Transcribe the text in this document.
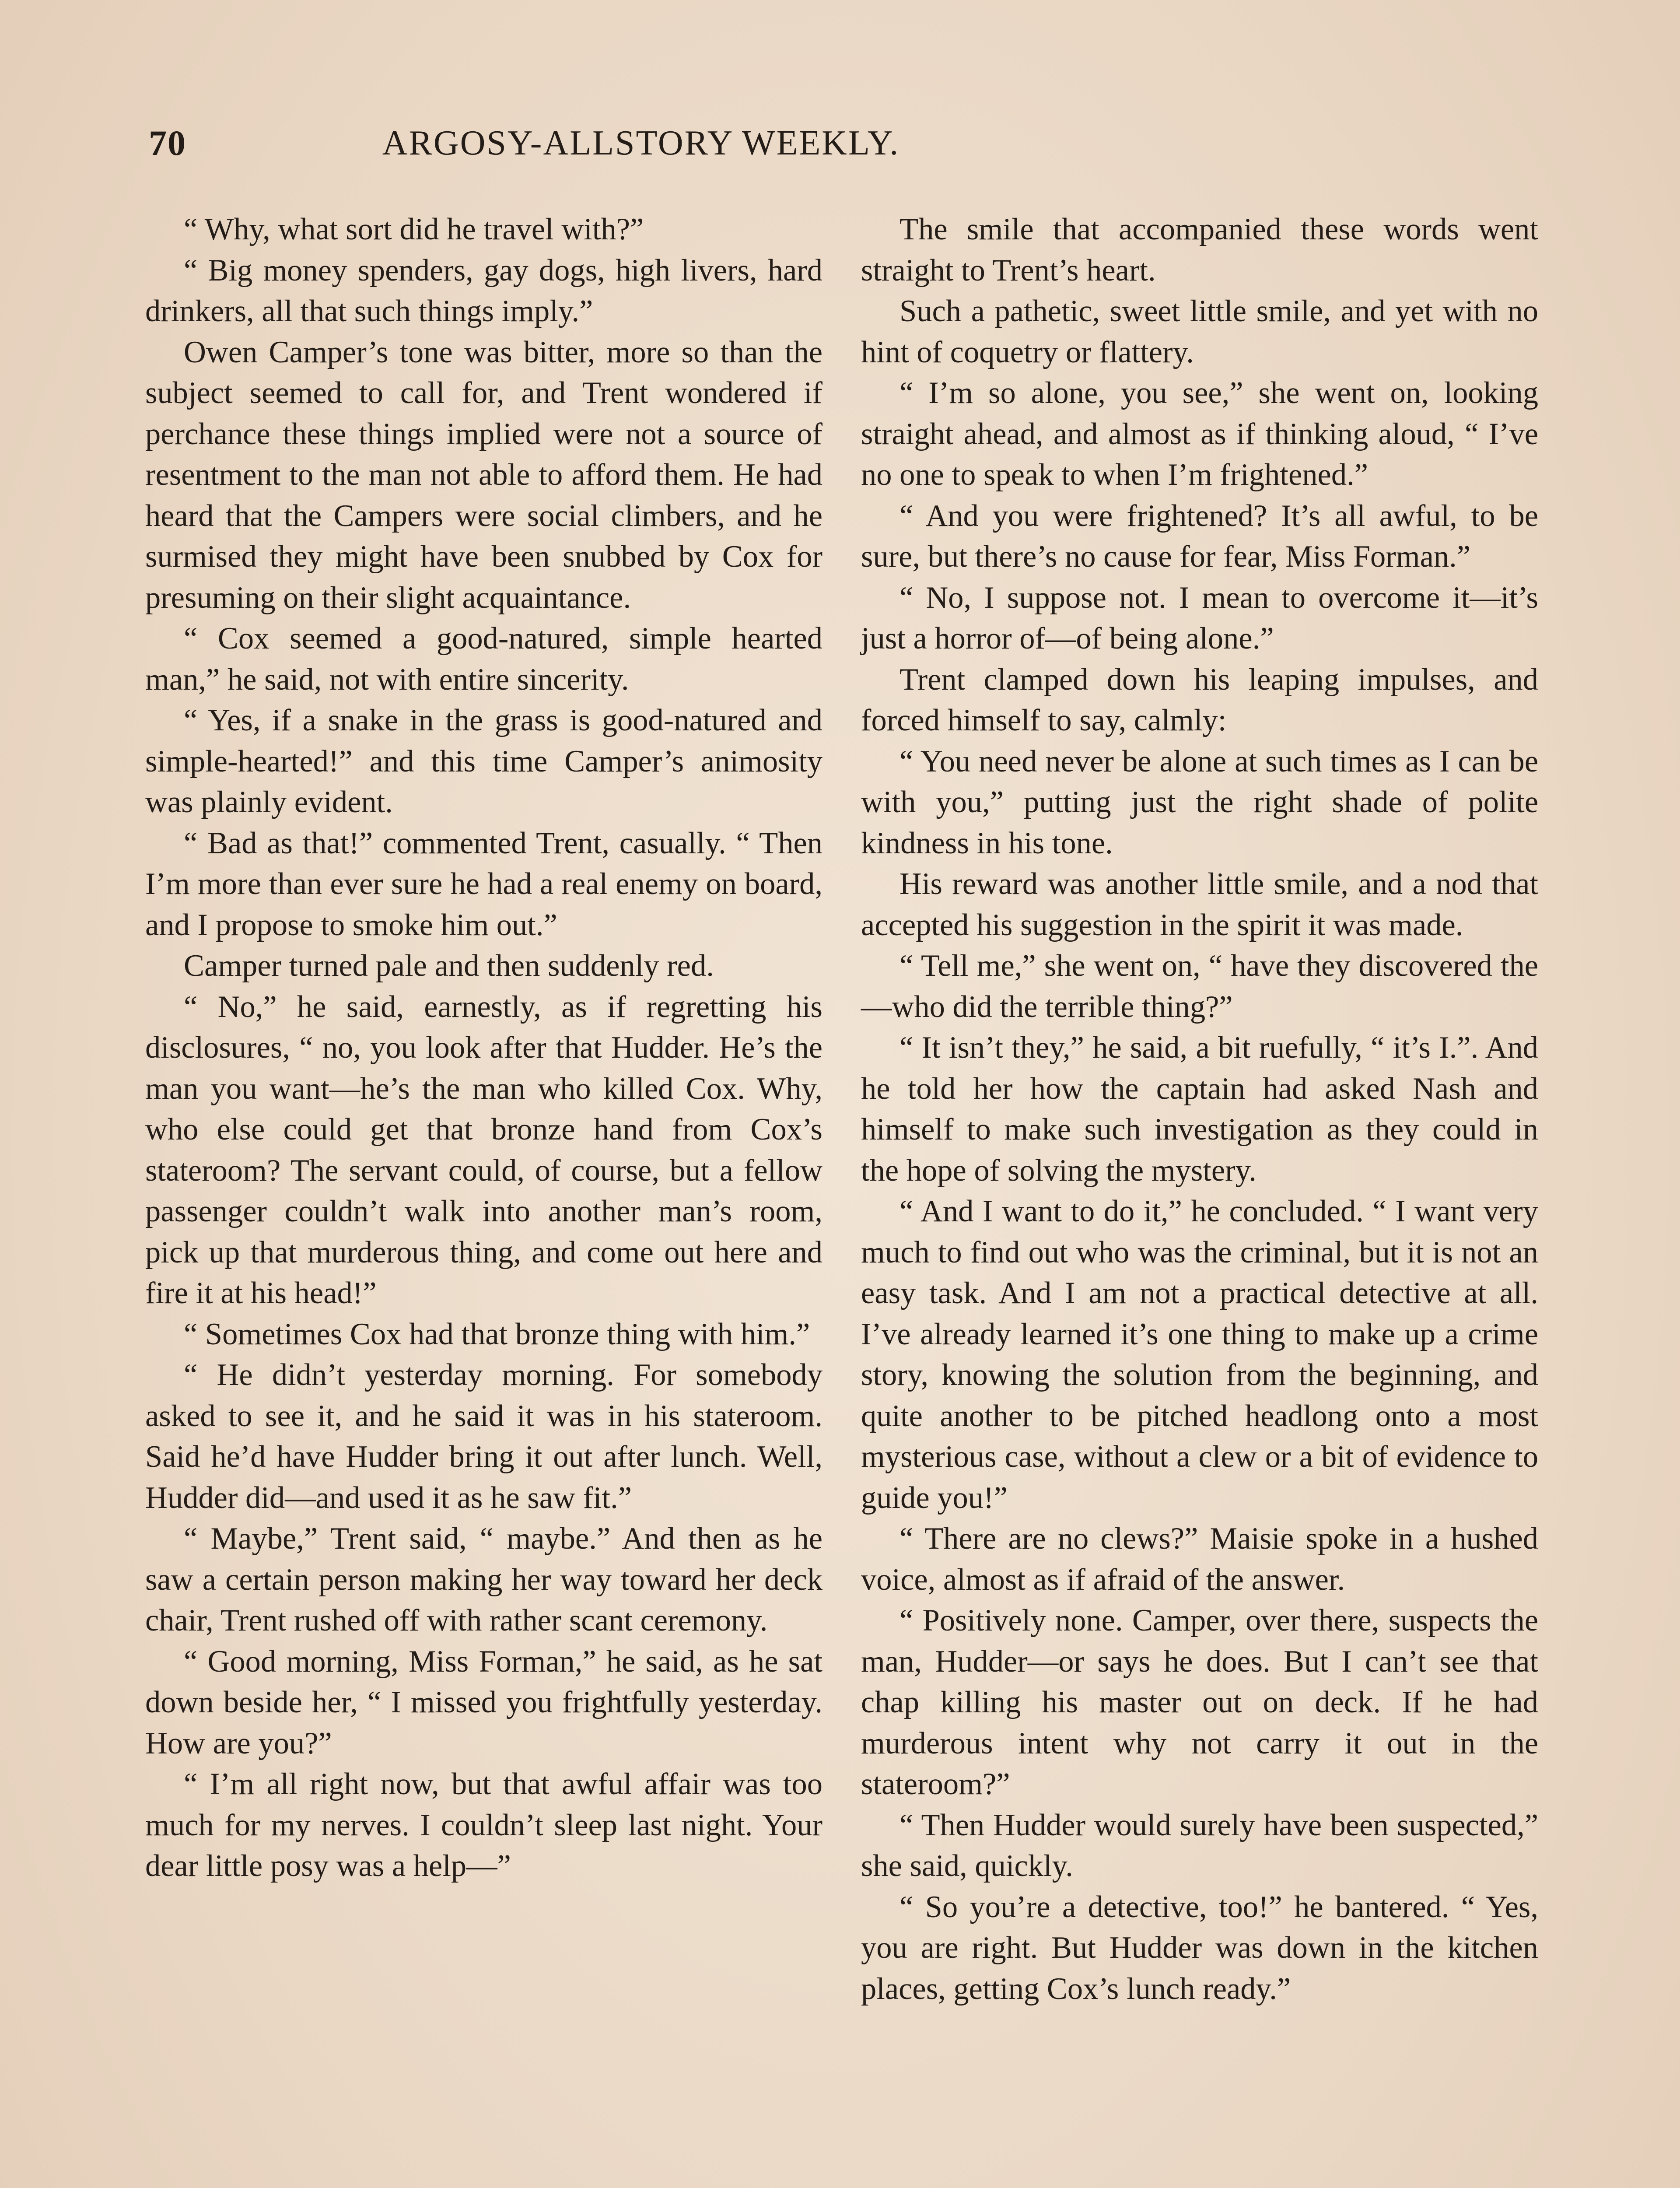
70	ARGOSY-ALLSTORY WEEKLY.

“ Why, what sort did he travel with?”

“ Big money spenders, gay dogs, high livers, hard drinkers, all that such things imply.”

Owen Camper’s tone was bitter, more so than the subject seemed to call for, and Trent wondered if perchance these things implied were not a source of resentment to the man not able to afford them. He had heard that the Campers were social climbers, and he surmised they might have been snubbed by Cox for presuming on their slight acquaintance.

“ Cox seemed a good-natured, simple hearted man,” he said, not with entire sincerity.

“ Yes, if a snake in the grass is good-natured and simple-hearted!” and this time Camper’s animosity was plainly evident.

“ Bad as that!” commented Trent, casually. “ Then I’m more than ever sure he had a real enemy on board, and I propose to smoke him out.”

Camper turned pale and then suddenly red.

“ No,” he said, earnestly, as if regretting his disclosures, “ no, you look after that Hudder. He’s the man you want—he’s the man who killed Cox. Why, who else could get that bronze hand from Cox’s stateroom? The servant could, of course, but a fellow passenger couldn’t walk into another man’s room, pick up that murderous thing, and come out here and fire it at his head!”

“ Sometimes Cox had that bronze thing with him.”

“ He didn’t yesterday morning. For somebody asked to see it, and he said it was in his stateroom. Said he’d have Hudder bring it out after lunch. Well, Hudder did—and used it as he saw fit.”

“ Maybe,” Trent said, “ maybe.” And then as he saw a certain person making her way toward her deck chair, Trent rushed off with rather scant ceremony.

“ Good morning, Miss Forman,” he said, as he sat down beside her, “ I missed you frightfully yesterday. How are you?”

“ I’m all right now, but that awful affair was too much for my nerves. I couldn’t sleep last night. Your dear little posy was a help—”

The smile that accompanied these words went straight to Trent’s heart.

Such a pathetic, sweet little smile, and yet with no hint of coquetry or flattery.

“ I’m so alone, you see,” she went on, looking straight ahead, and almost as if thinking aloud, “ I’ve no one to speak to when I’m frightened.”

“ And you were frightened? It’s all awful, to be sure, but there’s no cause for fear, Miss Forman.”

“ No, I suppose not. I mean to overcome it—it’s just a horror of—of being alone.”

Trent clamped down his leaping impulses, and forced himself to say, calmly:

“ You need never be alone at such times as I can be with you,” putting just the right shade of polite kindness in his tone.

His reward was another little smile, and a nod that accepted his suggestion in the spirit it was made.

“ Tell me,” she went on, “ have they discovered the—who did the terrible thing?”

“ It isn’t they,” he said, a bit ruefully, “ it’s I.”. And he told her how the captain had asked Nash and himself to make such investigation as they could in the hope of solving the mystery.

“ And I want to do it,” he concluded. “ I want very much to find out who was the criminal, but it is not an easy task. And I am not a practical detective at all. I’ve already learned it’s one thing to make up a crime story, knowing the solution from the beginning, and quite another to be pitched headlong onto a most mysterious case, without a clew or a bit of evidence to guide you!”

“ There are no clews?” Maisie spoke in a hushed voice, almost as if afraid of the answer.

“ Positively none. Camper, over there, suspects the man, Hudder—or says he does. But I can’t see that chap killing his master out on deck. If he had murderous intent why not carry it out in the stateroom?”

“ Then Hudder would surely have been suspected,” she said, quickly.

“ So you’re a detective, too!” he bantered. “ Yes, you are right. But Hudder was down in the kitchen places, getting Cox’s lunch ready.”
